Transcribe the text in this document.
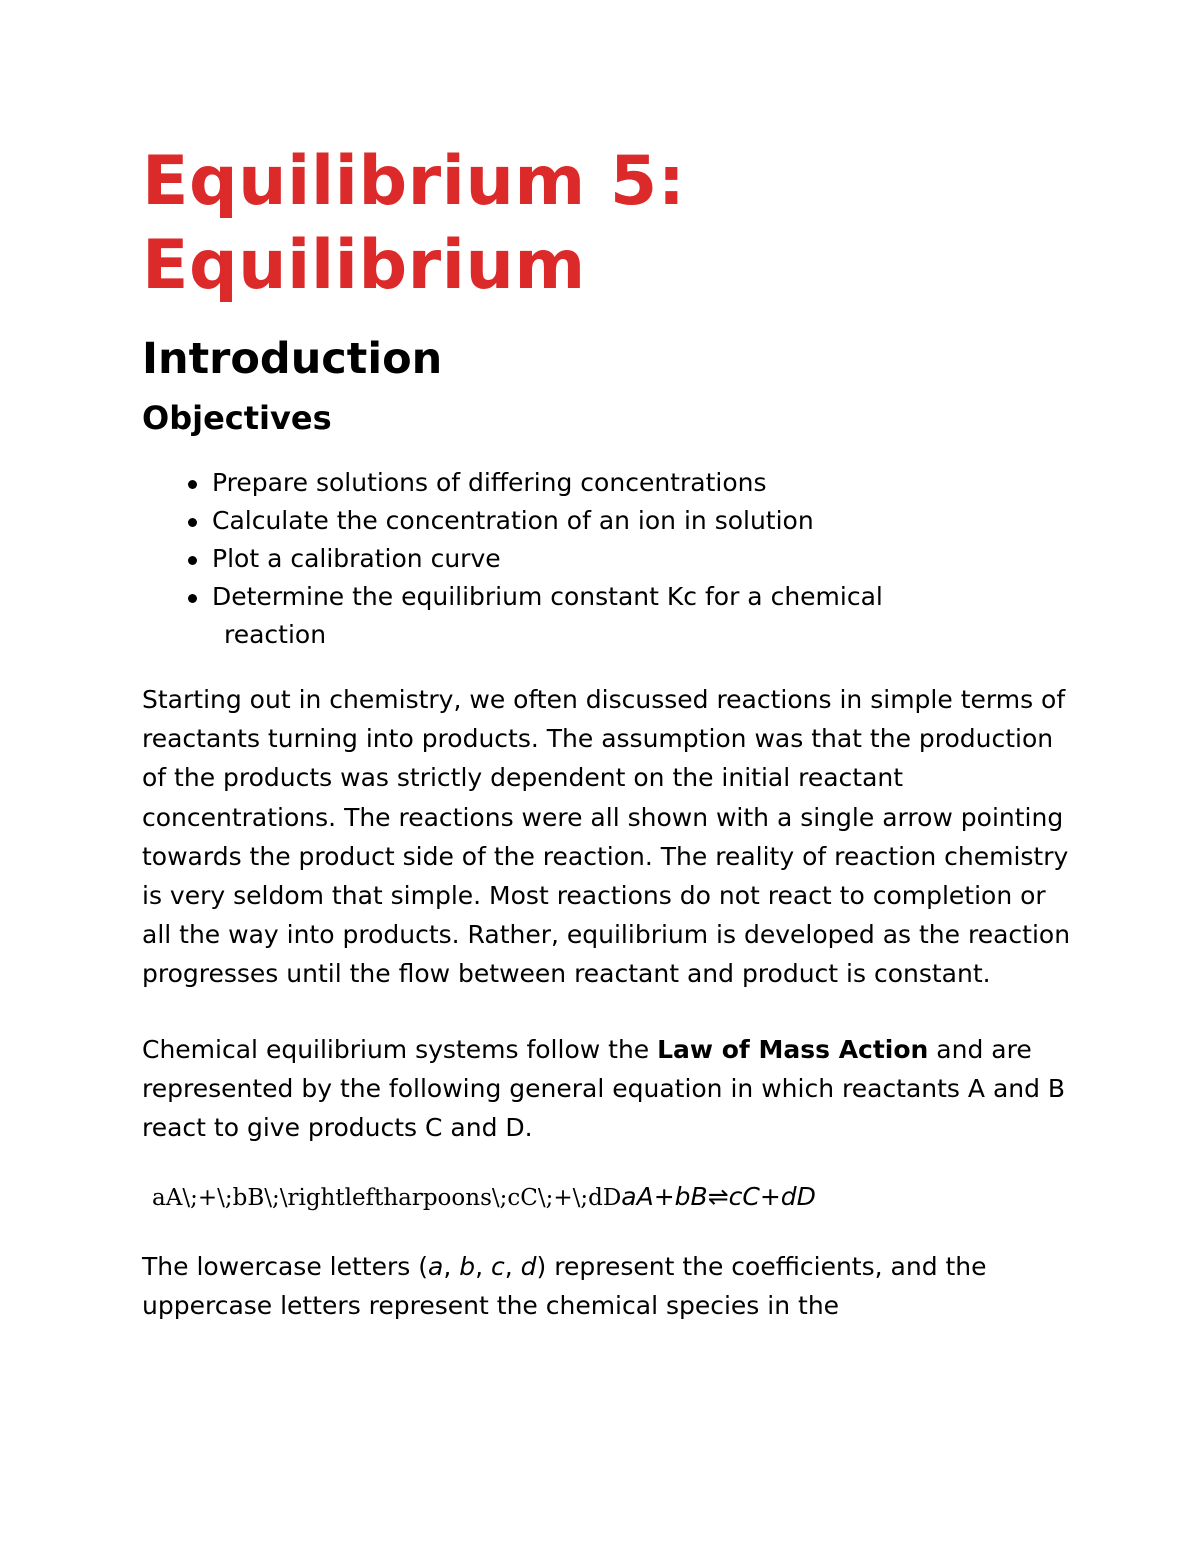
Equilibrium 5:
Equilibrium
Introduction
Objectives
Prepare solutions of differing concentrations
Calculate the concentration of an ion in solution
Plot a calibration curve
Determine the equilibrium constant Kc for a chemical
reaction

Starting out in chemistry, we often discussed reactions in simple terms of reactants turning into products. The assumption was that the production of the products was strictly dependent on the initial reactant concentrations. The reactions were all shown with a single arrow pointing towards the product side of the reaction. The reality of reaction chemistry is very seldom that simple. Most reactions do not react to completion or all the way into products. Rather, equilibrium is developed as the reaction progresses until the flow between reactant and product is constant.

Chemical equilibrium systems follow the Law of Mass Action and are represented by the following general equation in which reactants A and B react to give products C and D.

aA\;+\;bB\;\rightleftharpoons\;cC\;+\;dDaA+bB⇌cC+dD

The lowercase letters (a, b, c, d) represent the coefficients, and the uppercase letters represent the chemical species in the
